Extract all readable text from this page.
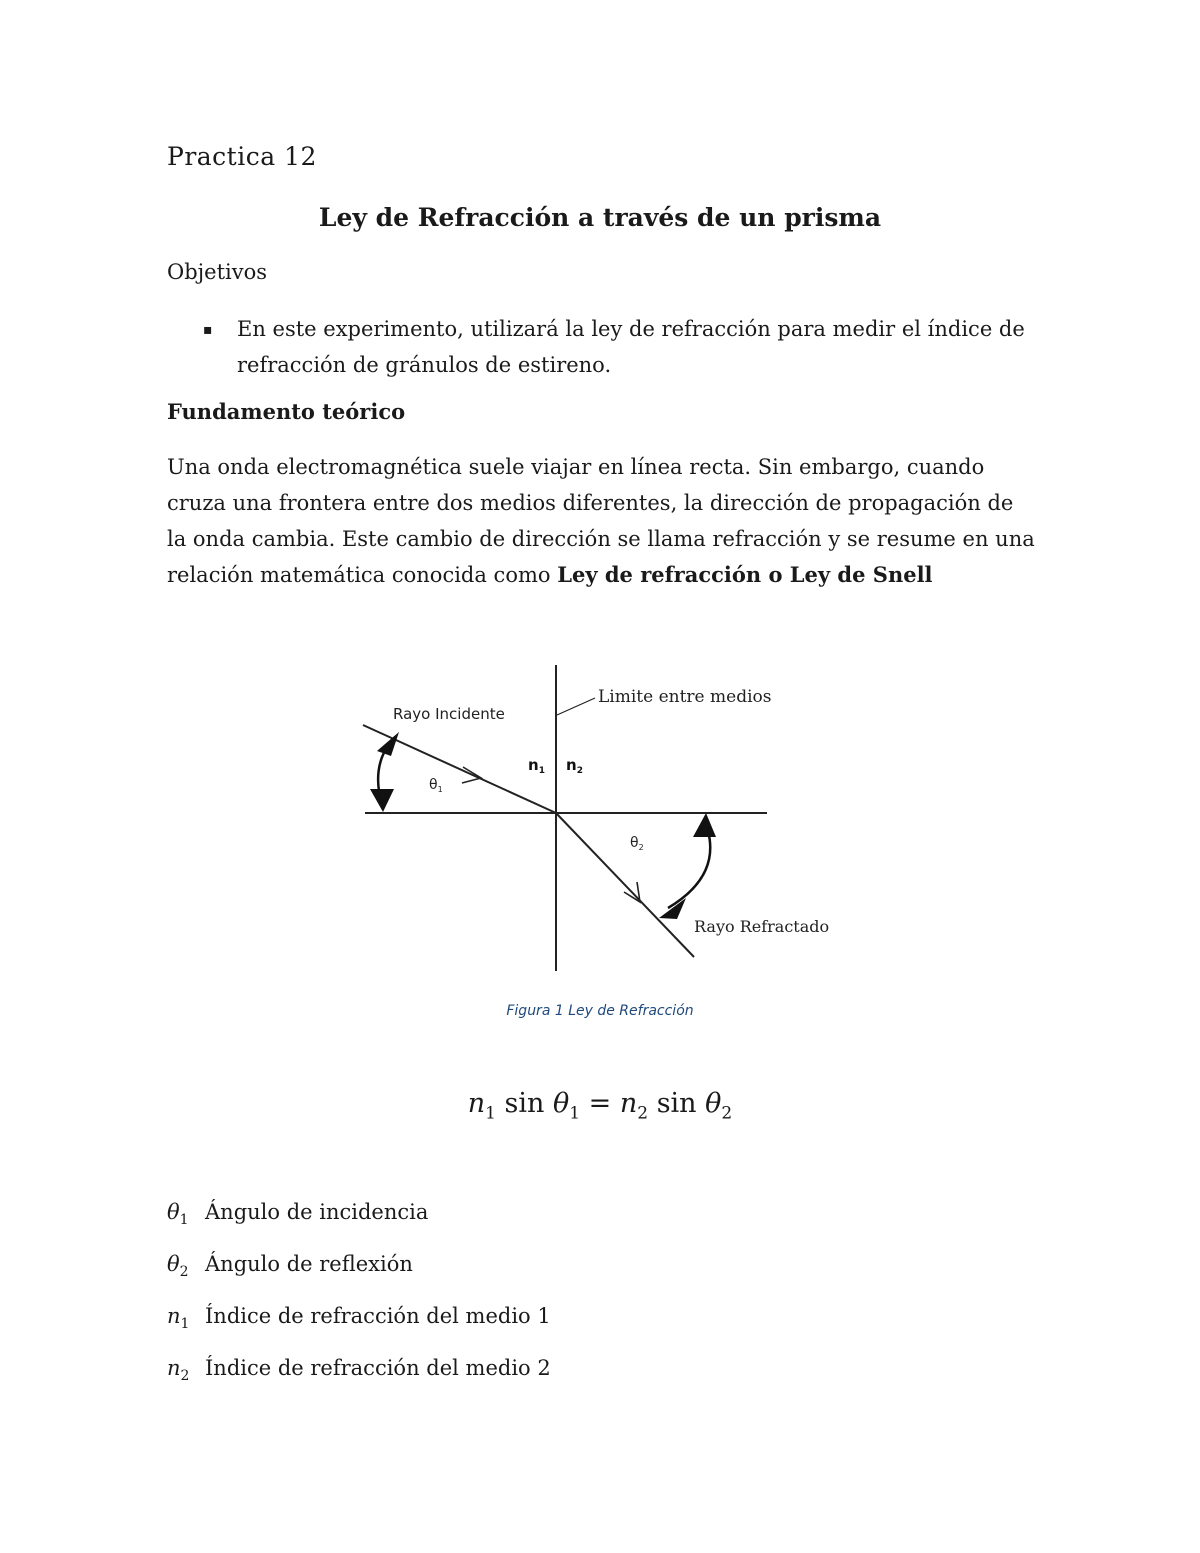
Practica 12
Ley de Refracción a través de un prisma
Objetivos
▪ En este experimento, utilizará la ley de refracción para medir el índice de refracción de gránulos de estireno.
Fundamento teórico
Una onda electromagnética suele viajar en línea recta. Sin embargo, cuando cruza una frontera entre dos medios diferentes, la dirección de propagación de la onda cambia. Este cambio de dirección se llama refracción y se resume en una relación matemática conocida como Ley de refracción o Ley de Snell
Rayo Incidente
Limite entre medios
Rayo Refractado
$n_1$ $n_2$
$\theta_1$
$\theta_2$
Figura 1 Ley de Refracción
$n_1$ $\sin \theta_1 = n_2$ $\sin \theta_2$
$\theta_1$ Ángulo de incidencia
$\theta_2$ Ángulo de reflexión
$n_1$ Índice de refracción del medio 1
$n_2$ Índice de refracción del medio 2
